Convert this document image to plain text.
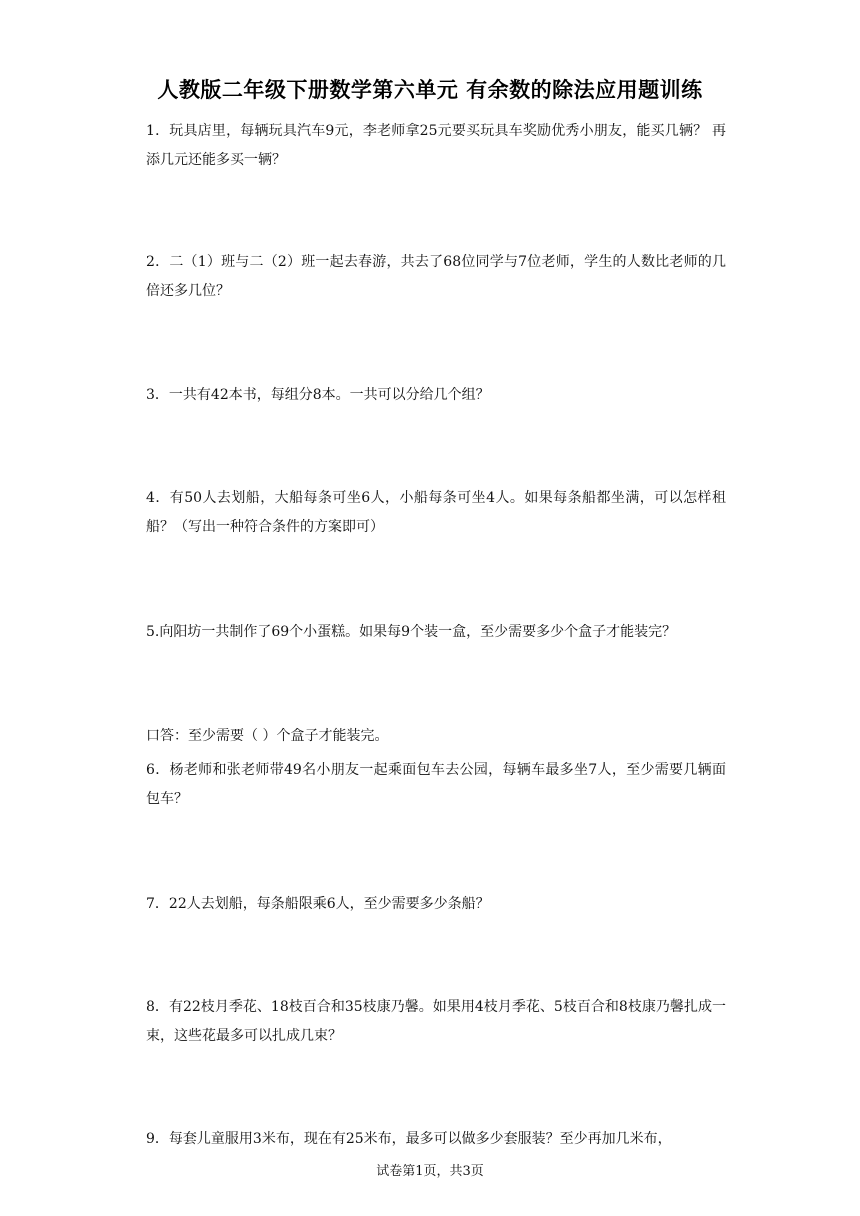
人教版二年级下册数学第六单元 有余数的除法应用题训练
1．玩具店里，每辆玩具汽车9元，李老师拿25元要买玩具车奖励优秀小朋友，能买几辆？ 再添几元还能多买一辆？
2．二（1）班与二（2）班一起去春游，共去了68位同学与7位老师，学生的人数比老师的几倍还多几位？
3．一共有42本书，每组分8本。一共可以分给几个组？
4．有50人去划船，大船每条可坐6人，小船每条可坐4人。如果每条船都坐满，可以怎样租船？（写出一种符合条件的方案即可）
5.向阳坊一共制作了69个小蛋糕。如果每9个装一盒，至少需要多少个盒子才能装完？
口答：至少需要（ ）个盒子才能装完。
6．杨老师和张老师带49名小朋友一起乘面包车去公园，每辆车最多坐7人，至少需要几辆面包车？
7．22人去划船，每条船限乘6人，至少需要多少条船？
8．有22枝月季花、18枝百合和35枝康乃馨。如果用4枝月季花、5枝百合和8枝康乃馨扎成一束，这些花最多可以扎成几束？
9．每套儿童服用3米布，现在有25米布，最多可以做多少套服装？至少再加几米布，
试卷第1页，共3页
